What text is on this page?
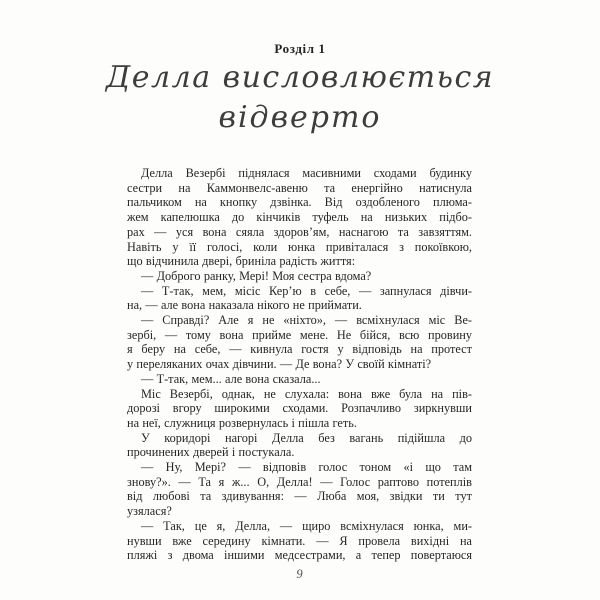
Розділ 1
Делла висловлюється
відверто
Делла Везербі піднялася масивними сходами будинку
сестри на Каммонвелс-авеню та енергійно натиснула
пальчиком на кнопку дзвінка. Від оздобленого плюма-
жем капелюшка до кінчиків туфель на низьких підбо-
рах — уся вона сяяла здоров’ям, наснагою та завзяттям.
Навіть у її голосі, коли юнка привіталася з покоївкою,
що відчинила двері, бриніла радість життя:
— Доброго ранку, Мері! Моя сестра вдома?
— Т-так, мем, місіс Кер’ю в себе, — запнулася дівчи-
на, — але вона наказала нікого не приймати.
— Справді? Але я не «ніхто», — всміхнулася міс Ве-
зербі, — тому вона прийме мене. Не бійся, всю провину
я беру на себе, — кивнула гостя у відповідь на протест
у переляканих очах дівчини. — Де вона? У своїй кімнаті?
— Т-так, мем... але вона сказала...
Міс Везербі, однак, не слухала: вона вже була на пів-
дорозі вгору широкими сходами. Розпачливо зиркнувши
на неї, служниця розвернулась і пішла геть.
У коридорі нагорі Делла без вагань підійшла до
прочинених дверей і постукала.
— Ну, Мері? — відповів голос тоном «і що там
знову?». — Та я ж... О, Делла! — Голос раптово потеплів
від любові та здивування: — Люба моя, звідки ти тут
узялася?
— Так, це я, Делла, — щиро всміхнулася юнка, ми-
нувши вже середину кімнати. — Я провела вихідні на
пляжі з двома іншими медсестрами, а тепер повертаюся
9
